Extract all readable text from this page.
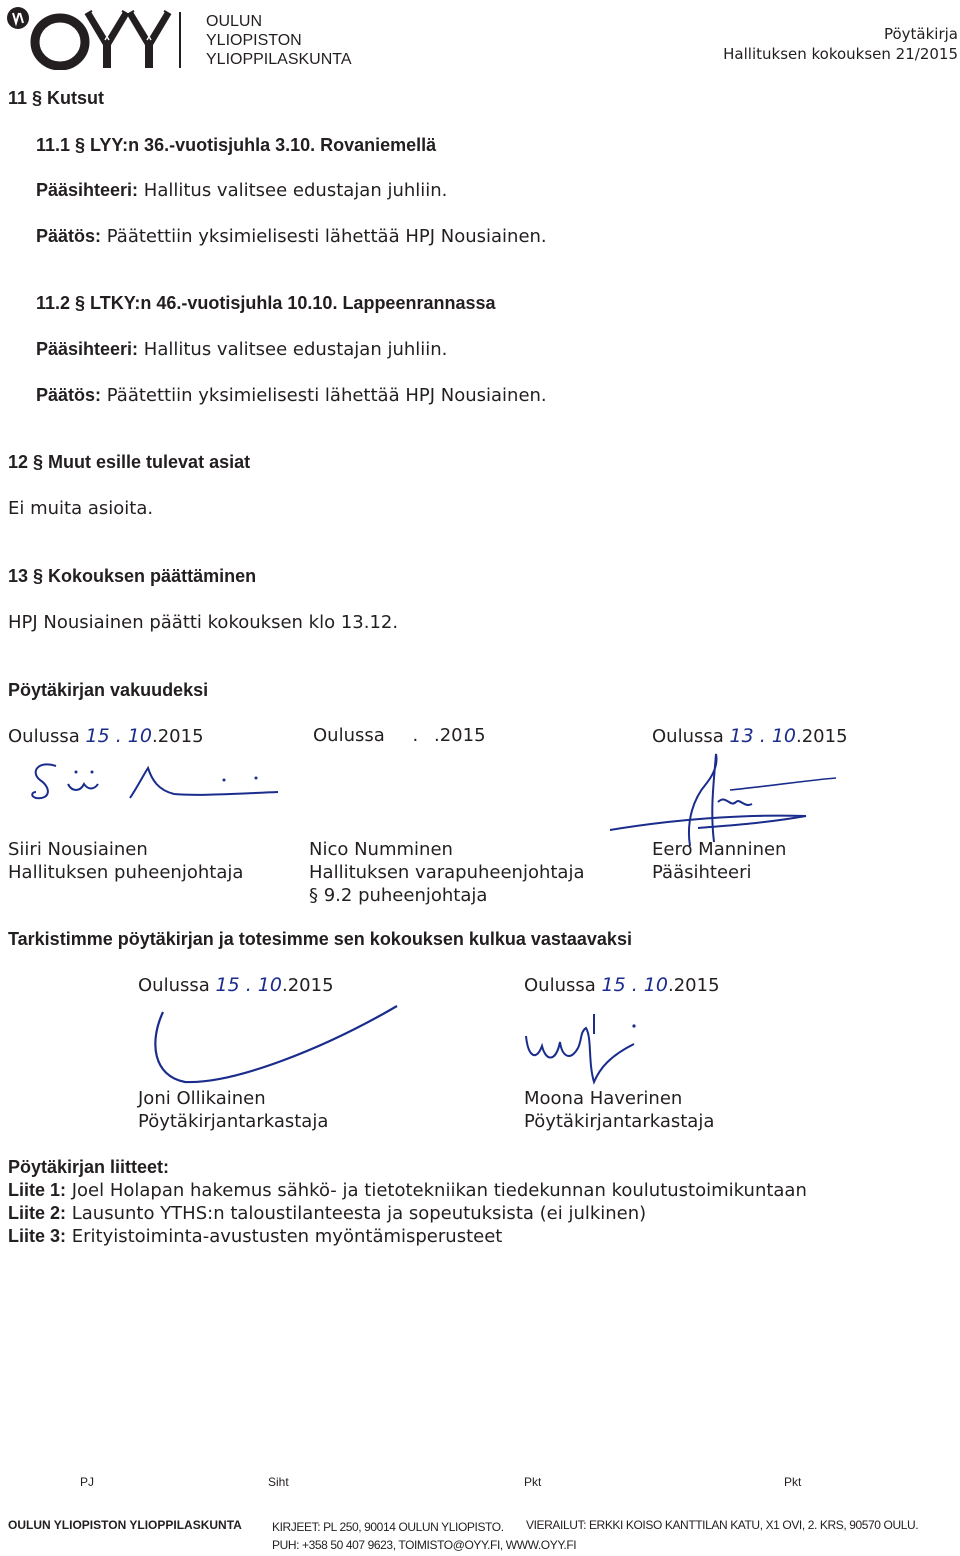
OULUN
YLIOPISTON
YLIOPPILASKUNTA
Pöytäkirja
Hallituksen kokouksen 21/2015
11 § Kutsut
11.1 § LYY:n 36.-vuotisjuhla 3.10. Rovaniemellä
Pääsihteeri: Hallitus valitsee edustajan juhliin.
Päätös: Päätettiin yksimielisesti lähettää HPJ Nousiainen.
11.2 § LTKY:n 46.-vuotisjuhla 10.10. Lappeenrannassa
Pääsihteeri: Hallitus valitsee edustajan juhliin.
Päätös: Päätettiin yksimielisesti lähettää HPJ Nousiainen.
12 § Muut esille tulevat asiat
Ei muita asioita.
13 § Kokouksen päättäminen
HPJ Nousiainen päätti kokouksen klo 13.12.
Pöytäkirjan vakuudeksi
Oulussa 15 . 10.2015	Oulussa . .2015	Oulussa 13 . 10.2015
Siiri Nousiainen
Hallituksen puheenjohtaja
Nico Numminen
Hallituksen varapuheenjohtaja
§ 9.2 puheenjohtaja
Eero Manninen
Pääsihteeri
Tarkistimme pöytäkirjan ja totesimme sen kokouksen kulkua vastaavaksi
Oulussa 15 . 10.2015	Oulussa 15 . 10.2015
Joni Ollikainen
Pöytäkirjantarkastaja
Moona Haverinen
Pöytäkirjantarkastaja
Pöytäkirjan liitteet:
Liite 1: Joel Holapan hakemus sähkö- ja tietotekniikan tiedekunnan koulutustoimikuntaan
Liite 2: Lausunto YTHS:n taloustilanteesta ja sopeutuksista (ei julkinen)
Liite 3: Erityistoiminta-avustusten myöntämisperusteet
PJ	Siht	Pkt	Pkt
OULUN YLIOPISTON YLIOPPILASKUNTA	KIRJEET: PL 250, 90014 OULUN YLIOPISTO.
PUH: +358 50 407 9623, TOIMISTO@OYY.FI, WWW.OYY.FI
VIERAILUT: ERKKI KOISO KANTTILAN KATU, X1 OVI, 2. KRS, 90570 OULU.
